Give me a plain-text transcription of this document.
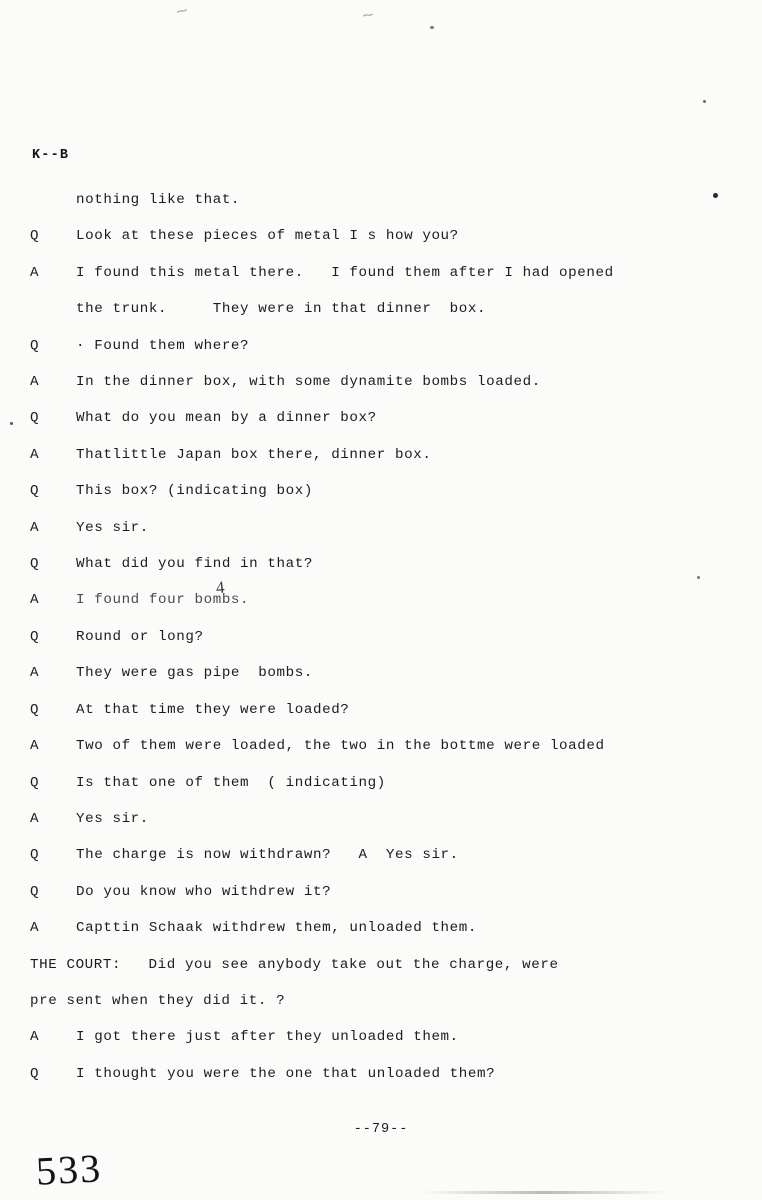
⁓	⁓
K--B
nothing like that.
Q	Look at these pieces of metal I s how you?
A	I found this metal there.   I found them after I had opened
the trunk.     They were in that dinner  box.
Q	· Found them where?
A	In the dinner box, with some dynamite bombs loaded.
Q	What do you mean by a dinner box?
A	Thatlittle Japan box there, dinner box.
Q	This box? (indicating box)
A	Yes sir.
Q	What did you find in that?
A	I found four bombs.
Q	Round or long?
A	They were gas pipe  bombs.
Q	At that time they were loaded?
A	Two of them were loaded, the two in the bottme were loaded
Q	Is that one of them  ( indicating)
A	Yes sir.
Q	The charge is now withdrawn?   A  Yes sir.
Q	Do you know who withdrew it?
A	Capttin Schaak withdrew them, unloaded them.
THE COURT:   Did you see anybody take out the charge, were
pre sent when they did it. ?
A	I got there just after they unloaded them.
Q	I thought you were the one that unloaded them?
4
--79--
533
